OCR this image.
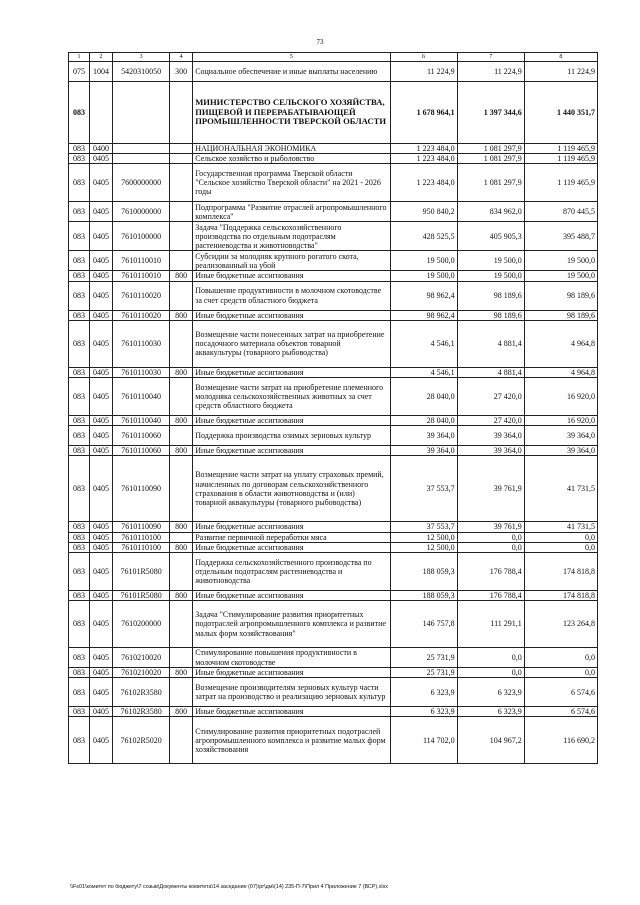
73
1	2	3	4	5	6	7	8
075	1004	5420310050	300	Социальное обеспечение и иные выплаты населению	11 224,9	11 224,9	11 224,9
083				МИНИСТЕРСТВО СЕЛЬСКОГО ХОЗЯЙСТВА, ПИЩЕВОЙ И ПЕРЕРАБАТЫВАЮЩЕЙ ПРОМЫШЛЕННОСТИ ТВЕРСКОЙ ОБЛАСТИ	1 678 964,1	1 397 344,6	1 440 351,7
083	0400			НАЦИОНАЛЬНАЯ ЭКОНОМИКА	1 223 484,0	1 081 297,9	1 119 465,9
083	0405			Сельское хозяйство и рыболовство	1 223 484,0	1 081 297,9	1 119 465,9
083	0405	7600000000		Государственная программа Тверской области "Сельское хозяйство Тверской области" на 2021 - 2026 годы	1 223 484,0	1 081 297,9	1 119 465,9
083	0405	7610000000		Подпрограмма "Развитие отраслей агропромышленного комплекса"	950 840,2	834 962,0	870 445,5
083	0405	7610100000		Задача "Поддержка сельскохозяйственного производства по отдельным подотраслям растениеводства и животноводства"	428 525,5	405 905,3	395 488,7
083	0405	7610110010		Субсидии за молодняк крупного рогатого скота, реализованный на убой	19 500,0	19 500,0	19 500,0
083	0405	7610110010	800	Иные бюджетные ассигнования	19 500,0	19 500,0	19 500,0
083	0405	7610110020		Повышение продуктивности в молочном скотоводстве за счет средств областного бюджета	98 962,4	98 189,6	98 189,6
083	0405	7610110020	800	Иные бюджетные ассигнования	98 962,4	98 189,6	98 189,6
083	0405	7610110030		Возмещение части понесенных затрат на приобретение посадочного материала объектов товарной аквакультуры (товарного рыбоводства)	4 546,1	4 881,4	4 964,8
083	0405	7610110030	800	Иные бюджетные ассигнования	4 546,1	4 881,4	4 964,8
083	0405	7610110040		Возмещение части затрат на приобретение племенного молодняка сельскохозяйственных животных за счет средств областного бюджета	28 040,0	27 420,0	16 920,0
083	0405	7610110040	800	Иные бюджетные ассигнования	28 040,0	27 420,0	16 920,0
083	0405	7610110060		Поддержка производства озимых зерновых культур	39 364,0	39 364,0	39 364,0
083	0405	7610110060	800	Иные бюджетные ассигнования	39 364,0	39 364,0	39 364,0
083	0405	7610110090		Возмещение части затрат на уплату страховых премий, начисленных по договорам сельскохозяйственного страхования в области животноводства и (или) товарной аквакультуры (товарного рыбоводства)	37 553,7	39 761,9	41 731,5
083	0405	7610110090	800	Иные бюджетные ассигнования	37 553,7	39 761,9	41 731,5
083	0405	7610110100		Развитие первичной переработки мяса	12 500,0	0,0	0,0
083	0405	7610110100	800	Иные бюджетные ассигнования	12 500,0	0,0	0,0
083	0405	76101R5080		Поддержка сельскохозяйственного производства по отдельным подотраслям растениеводства и животноводства	188 059,3	176 788,4	174 818,8
083	0405	76101R5080	800	Иные бюджетные ассигнования	188 059,3	176 788,4	174 818,8
083	0405	7610200000		Задача "Стимулирование развития приоритетных подотраслей агропромышленного комплекса и развитие малых форм хозяйствования"	146 757,8	111 291,1	123 264,8
083	0405	7610210020		Стимулирование повышения продуктивности в молочном скотоводстве	25 731,9	0,0	0,0
083	0405	7610210020	800	Иные бюджетные ассигнования	25 731,9	0,0	0,0
083	0405	76102R3580		Возмещение производителям зерновых культур части затрат на производство и реализацию зерновых культур	6 323,9	6 323,9	6 574,6
083	0405	76102R3580	800	Иные бюджетные ассигнования	6 323,9	6 323,9	6 574,6
083	0405	76102R5020		Стимулирование развития приоритетных подотраслей агропромышленного комплекса и развитие малых форм хозяйствования	114 702,0	104 967,2	116 690,2
\\Fs01\комитет по бюджету\7 созыв\Документы комитета\14 заседание (07)\рг\дм\(14) 235-П-7\Прил 4 Приложение 7 (ВСР).xlsx
